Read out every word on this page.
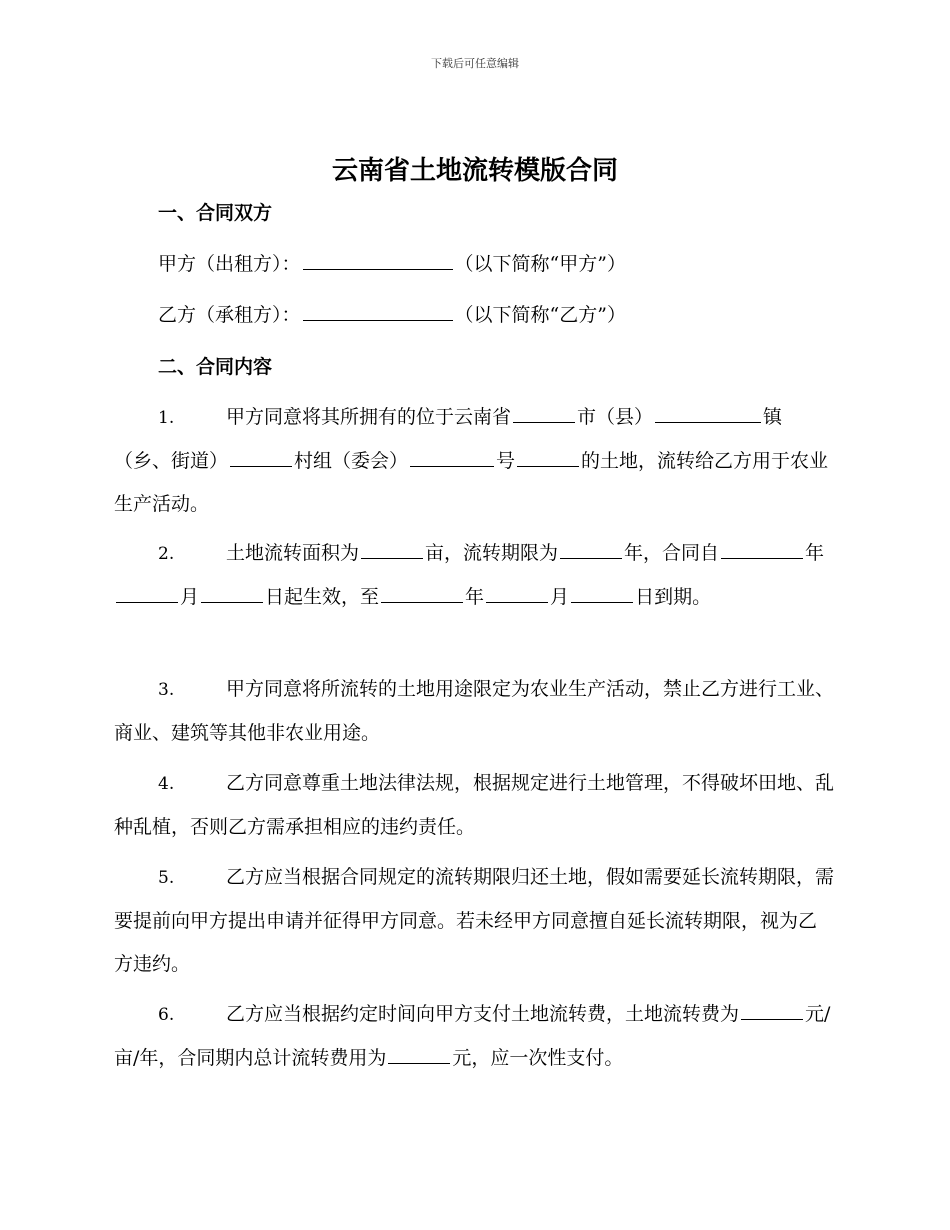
下载后可任意编辑
云南省土地流转模版合同
一、合同双方
甲方（出租方）：	（以下简称“甲方”）
乙方（承租方）：	（以下简称“乙方”）
二、合同内容

1.	甲方同意将其所拥有的位于云南省	市（县）	镇（乡、街道）	村组（委会）	号	的土地，流转给乙方用于农业生产活动。

2.	土地流转面积为	亩，流转期限为	年，合同自	年月	日起生效，至	年	月	日到期。

3.	甲方同意将所流转的土地用途限定为农业生产活动，禁止乙方进行工业、商业、建筑等其他非农业用途。

4.	乙方同意尊重土地法律法规，根据规定进行土地管理，不得破坏田地、乱种乱植，否则乙方需承担相应的违约责任。

5.	乙方应当根据合同规定的流转期限归还土地，假如需要延长流转期限，需要提前向甲方提出申请并征得甲方同意。若未经甲方同意擅自延长流转期限，视为乙方违约。

6.	乙方应当根据约定时间向甲方支付土地流转费，土地流转费为	元/亩/年，合同期内总计流转费用为	元，应一次性支付。
